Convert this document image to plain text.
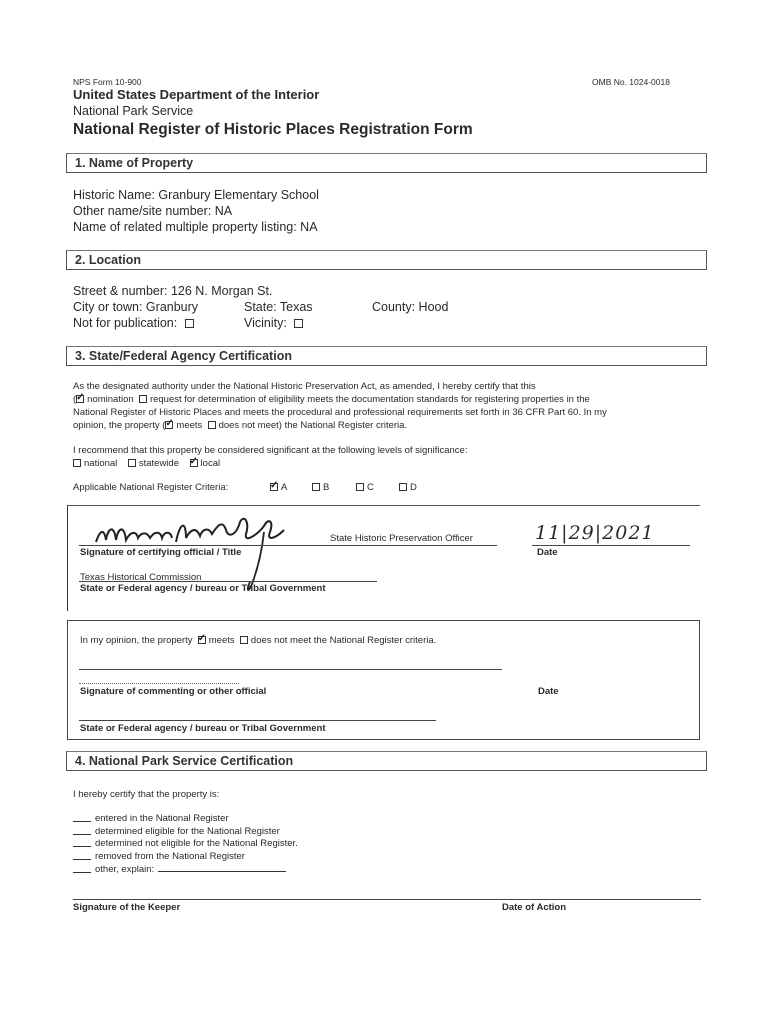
NPS Form 10-900	OMB No. 1024-0018
United States Department of the Interior
National Park Service
National Register of Historic Places Registration Form
1. Name of Property
Historic Name: Granbury Elementary School
Other name/site number: NA
Name of related multiple property listing: NA
2. Location
Street & number: 126 N. Morgan St.
City or town: Granbury	State: Texas	County: Hood
Not for publication:	Vicinity:
3. State/Federal Agency Certification
As the designated authority under the National Historic Preservation Act, as amended, I hereby certify that this
( ✓ nomination request for determination of eligibility meets the documentation standards for registering properties in the
National Register of Historic Places and meets the procedural and professional requirements set forth in 36 CFR Part 60. In my
opinion, the property ( ✓ meets does not meet) the National Register criteria.
I recommend that this property be considered significant at the following levels of significance:
national statewide ✓ local
Applicable National Register Criteria: ✓	A	B	C	D
State Historic Preservation Officer
Signature of certifying official / Title
11|29|2021
Date
Texas Historical Commission
State or Federal agency / bureau or Tribal Government
In my opinion, the property ✓ meets does not meet the National Register criteria.
Signature of commenting or other official	Date
State or Federal agency / bureau or Tribal Government
4. National Park Service Certification
I hereby certify that the property is:
entered in the National Register
determined eligible for the National Register
determined not eligible for the National Register.
removed from the National Register
other, explain:
Signature of the Keeper	Date of Action
